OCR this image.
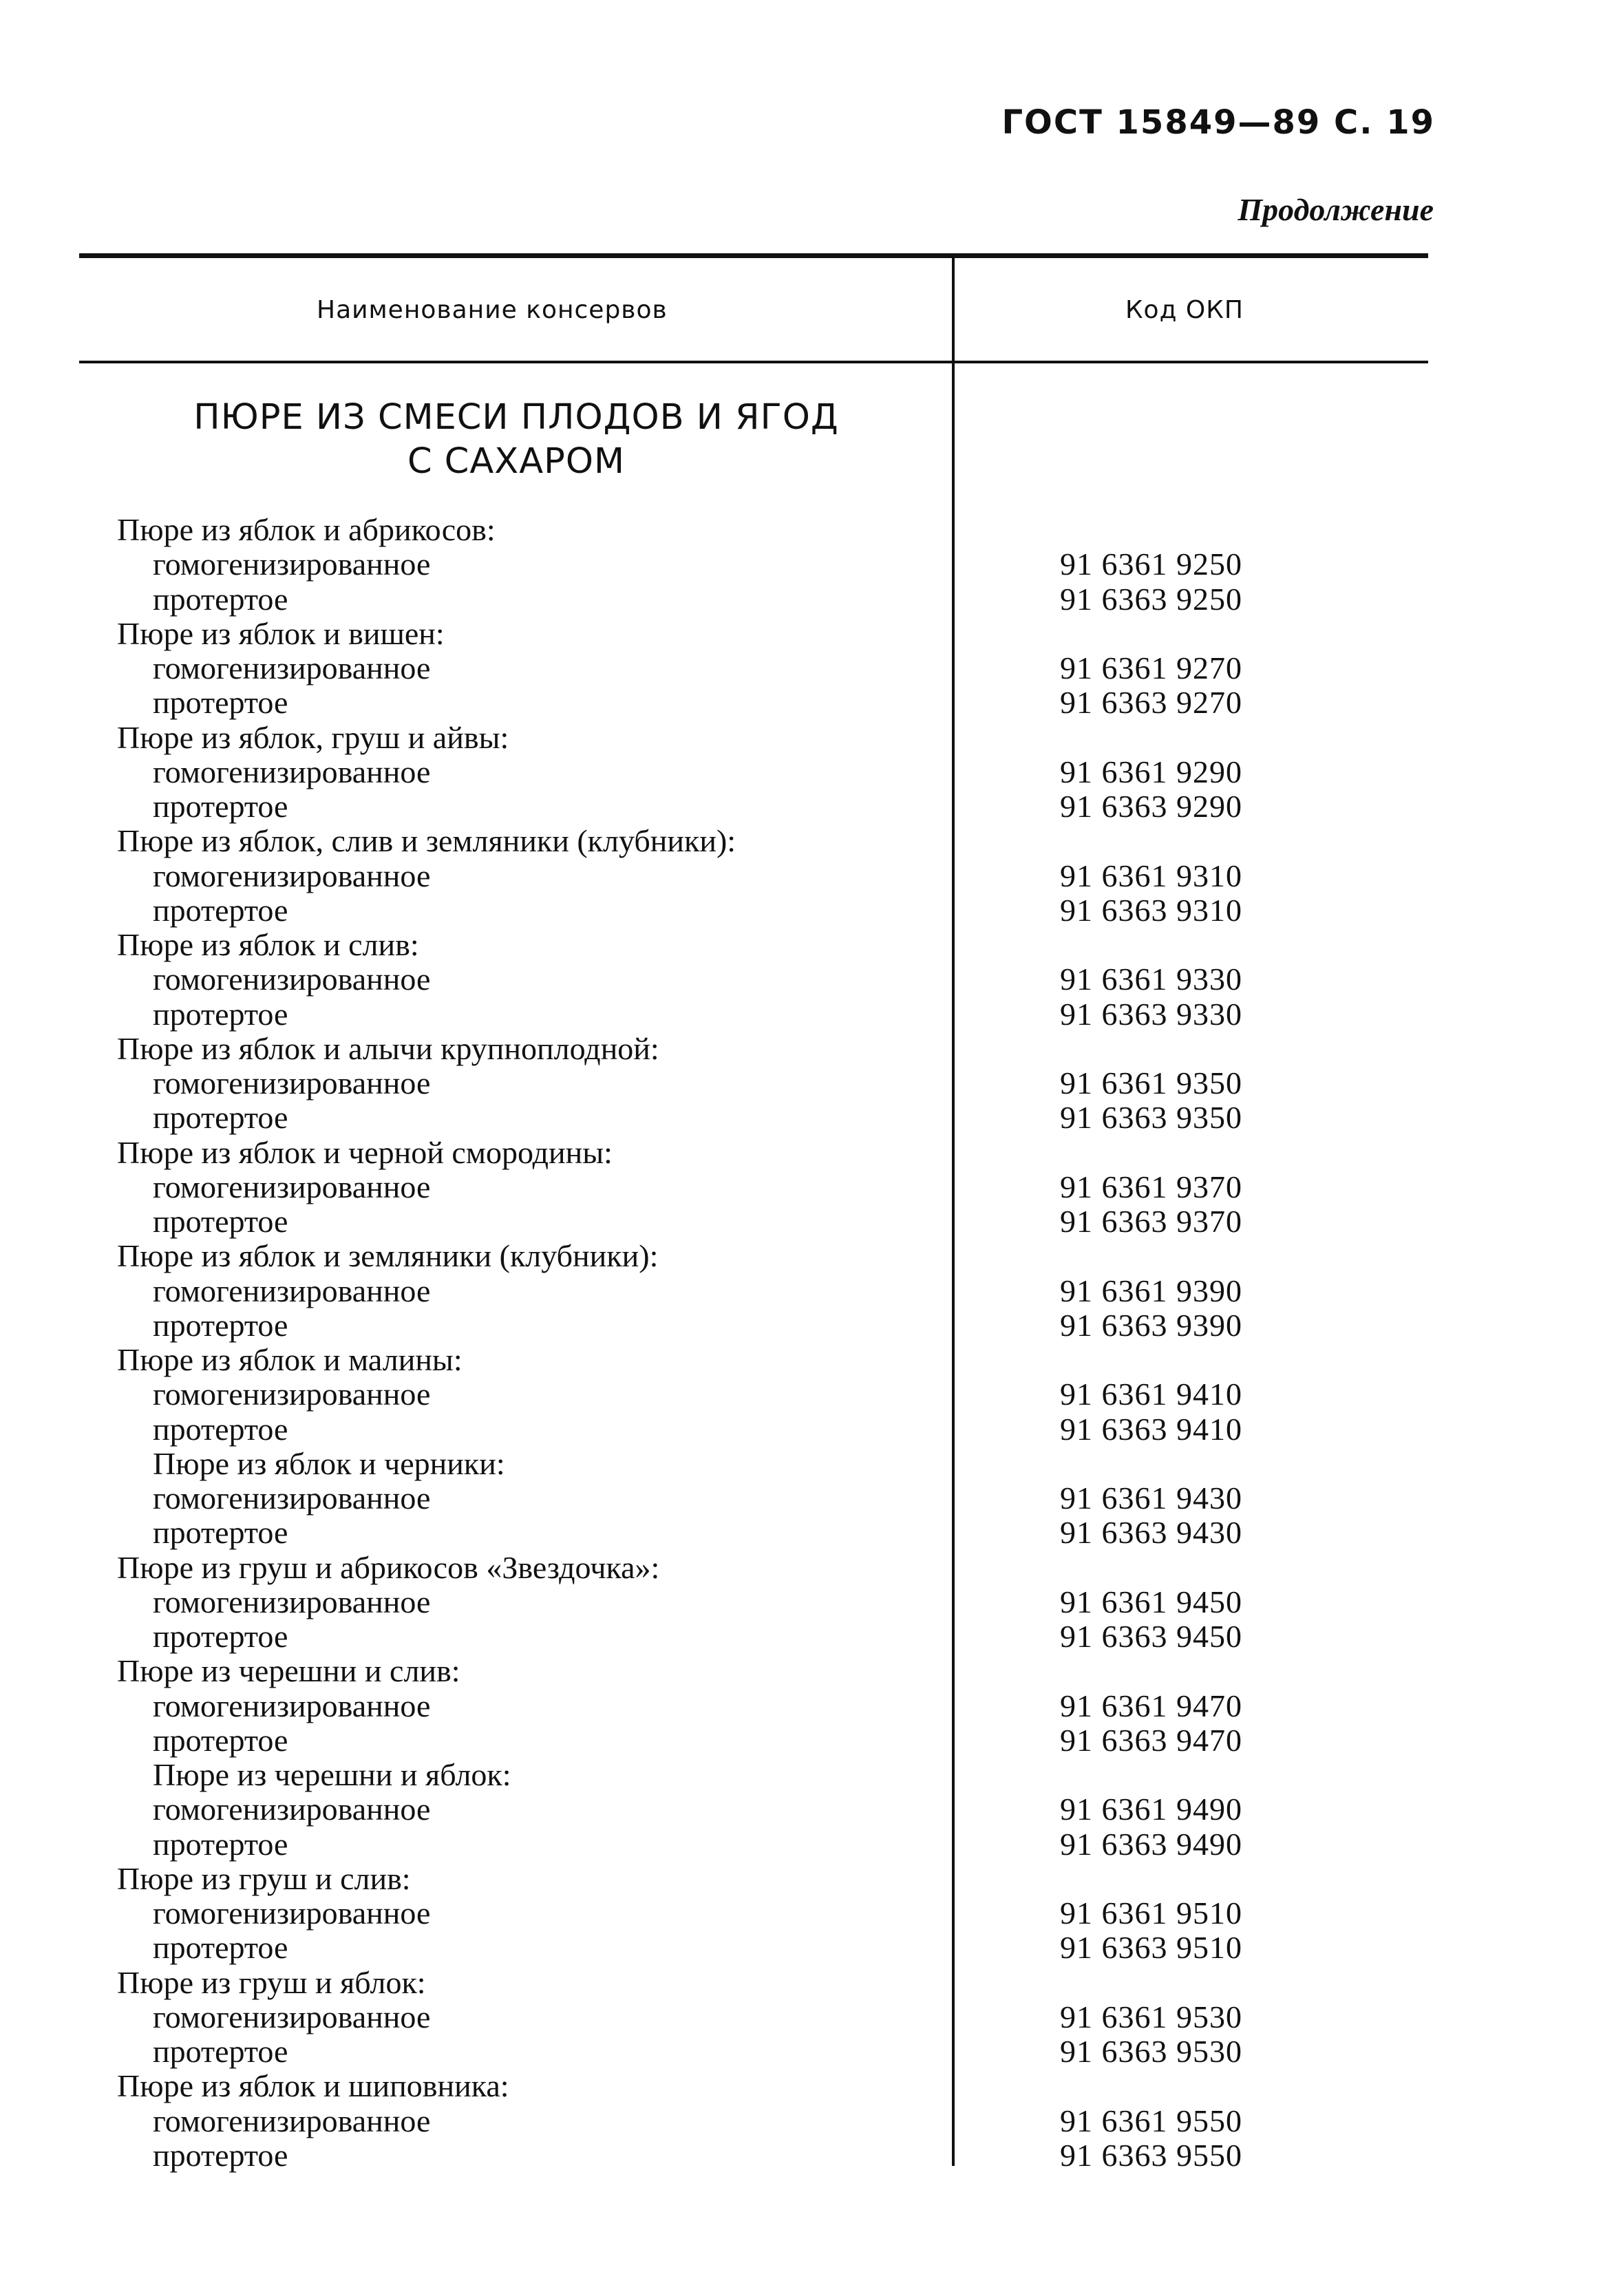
ГОСТ 15849—89 С. 19
Продолжение
Наименование консервов	Код ОКП
ПЮРЕ ИЗ СМЕСИ ПЛОДОВ И ЯГОД
С САХАРОМ
Пюре из яблок и абрикосов:
гомогенизированное	91 6361 9250
протертое	91 6363 9250
Пюре из яблок и вишен:
гомогенизированное	91 6361 9270
протертое	91 6363 9270
Пюре из яблок, груш и айвы:
гомогенизированное	91 6361 9290
протертое	91 6363 9290
Пюре из яблок, слив и земляники (клубники):
гомогенизированное	91 6361 9310
протертое	91 6363 9310
Пюре из яблок и слив:
гомогенизированное	91 6361 9330
протертое	91 6363 9330
Пюре из яблок и алычи крупноплодной:
гомогенизированное	91 6361 9350
протертое	91 6363 9350
Пюре из яблок и черной смородины:
гомогенизированное	91 6361 9370
протертое	91 6363 9370
Пюре из яблок и земляники (клубники):
гомогенизированное	91 6361 9390
протертое	91 6363 9390
Пюре из яблок и малины:
гомогенизированное	91 6361 9410
протертое	91 6363 9410
Пюре из яблок и черники:
гомогенизированное	91 6361 9430
протертое	91 6363 9430
Пюре из груш и абрикосов «Звездочка»:
гомогенизированное	91 6361 9450
протертое	91 6363 9450
Пюре из черешни и слив:
гомогенизированное	91 6361 9470
протертое	91 6363 9470
Пюре из черешни и яблок:
гомогенизированное	91 6361 9490
протертое	91 6363 9490
Пюре из груш и слив:
гомогенизированное	91 6361 9510
протертое	91 6363 9510
Пюре из груш и яблок:
гомогенизированное	91 6361 9530
протертое	91 6363 9530
Пюре из яблок и шиповника:
гомогенизированное	91 6361 9550
протертое	91 6363 9550
